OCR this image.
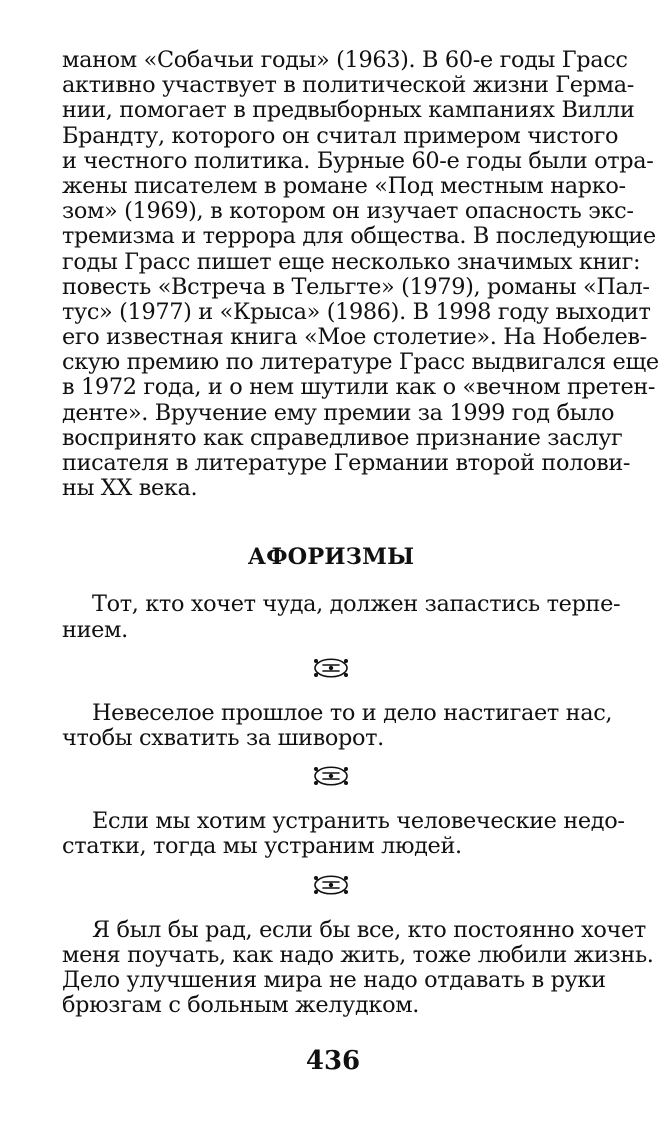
маном «Собачьи годы» (1963). В 60-е годы Грасс
активно участвует в политической жизни Герма-
нии, помогает в предвыборных кампаниях Вилли
Брандту, которого он считал примером чистого
и честного политика. Бурные 60-е годы были отра-
жены писателем в романе «Под местным нарко-
зом» (1969), в котором он изучает опасность экс-
тремизма и террора для общества. В последующие
годы Грасс пишет еще несколько значимых книг:
повесть «Встреча в Тельгте» (1979), романы «Пал-
тус» (1977) и «Крыса» (1986). В 1998 году выходит
его известная книга «Мое столетие». На Нобелев-
скую премию по литературе Грасс выдвигался еще
в 1972 года, и о нем шутили как о «вечном претен-
денте». Вручение ему премии за 1999 год было
воспринято как справедливое признание заслуг
писателя в литературе Германии второй полови-
ны XX века.
АФОРИЗМЫ
Тот, кто хочет чуда, должен запастись терпе-
нием.
Невеселое прошлое то и дело настигает нас,
чтобы схватить за шиворот.
Если мы хотим устранить человеческие недо-
статки, тогда мы устраним людей.
Я был бы рад, если бы все, кто постоянно хочет
меня поучать, как надо жить, тоже любили жизнь.
Дело улучшения мира не надо отдавать в руки
брюзгам с больным желудком.
436
